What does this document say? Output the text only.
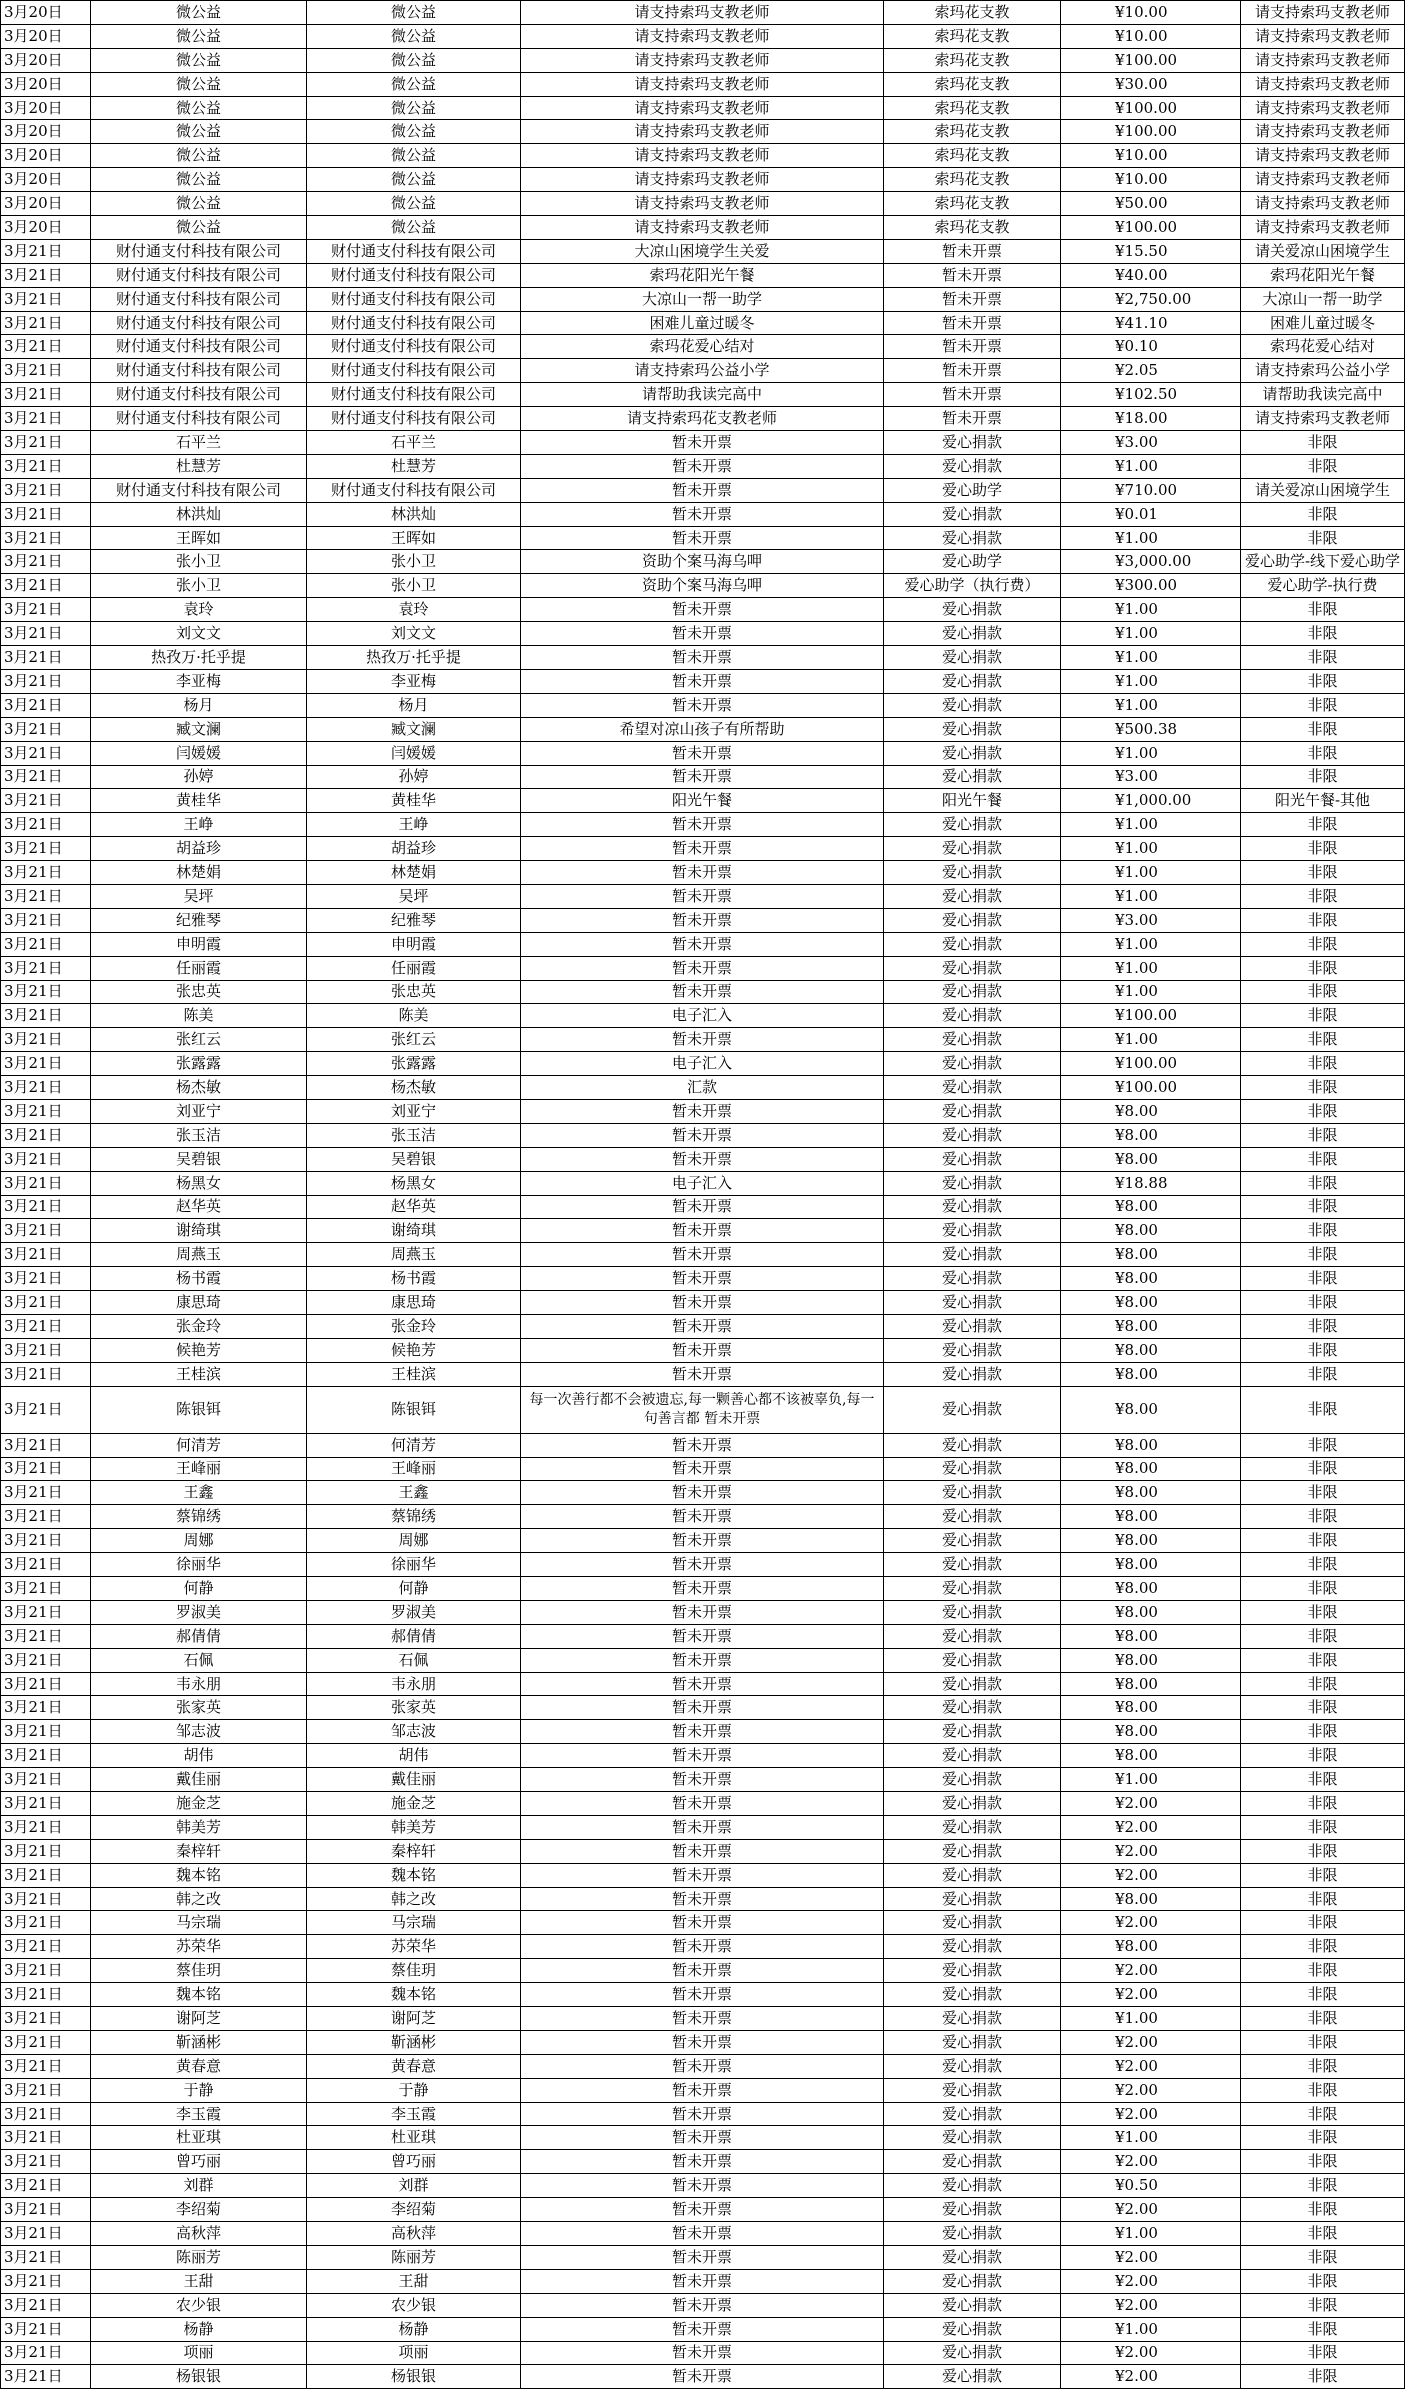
3月20日	微公益	微公益	请支持索玛支教老师	索玛花支教	¥10.00	请支持索玛支教老师
3月20日	微公益	微公益	请支持索玛支教老师	索玛花支教	¥10.00	请支持索玛支教老师
3月20日	微公益	微公益	请支持索玛支教老师	索玛花支教	¥100.00	请支持索玛支教老师
3月20日	微公益	微公益	请支持索玛支教老师	索玛花支教	¥30.00	请支持索玛支教老师
3月20日	微公益	微公益	请支持索玛支教老师	索玛花支教	¥100.00	请支持索玛支教老师
3月20日	微公益	微公益	请支持索玛支教老师	索玛花支教	¥100.00	请支持索玛支教老师
3月20日	微公益	微公益	请支持索玛支教老师	索玛花支教	¥10.00	请支持索玛支教老师
3月20日	微公益	微公益	请支持索玛支教老师	索玛花支教	¥10.00	请支持索玛支教老师
3月20日	微公益	微公益	请支持索玛支教老师	索玛花支教	¥50.00	请支持索玛支教老师
3月20日	微公益	微公益	请支持索玛支教老师	索玛花支教	¥100.00	请支持索玛支教老师
3月21日	财付通支付科技有限公司	财付通支付科技有限公司	大凉山困境学生关爱	暂未开票	¥15.50	请关爱凉山困境学生
3月21日	财付通支付科技有限公司	财付通支付科技有限公司	索玛花阳光午餐	暂未开票	¥40.00	索玛花阳光午餐
3月21日	财付通支付科技有限公司	财付通支付科技有限公司	大凉山一帮一助学	暂未开票	¥2,750.00	大凉山一帮一助学
3月21日	财付通支付科技有限公司	财付通支付科技有限公司	困难儿童过暖冬	暂未开票	¥41.10	困难儿童过暖冬
3月21日	财付通支付科技有限公司	财付通支付科技有限公司	索玛花爱心结对	暂未开票	¥0.10	索玛花爱心结对
3月21日	财付通支付科技有限公司	财付通支付科技有限公司	请支持索玛公益小学	暂未开票	¥2.05	请支持索玛公益小学
3月21日	财付通支付科技有限公司	财付通支付科技有限公司	请帮助我读完高中	暂未开票	¥102.50	请帮助我读完高中
3月21日	财付通支付科技有限公司	财付通支付科技有限公司	请支持索玛花支教老师	暂未开票	¥18.00	请支持索玛支教老师
3月21日	石平兰	石平兰	暂未开票	爱心捐款	¥3.00	非限
3月21日	杜慧芳	杜慧芳	暂未开票	爱心捐款	¥1.00	非限
3月21日	财付通支付科技有限公司	财付通支付科技有限公司	暂未开票	爱心助学	¥710.00	请关爱凉山困境学生
3月21日	林洪灿	林洪灿	暂未开票	爱心捐款	¥0.01	非限
3月21日	王晖如	王晖如	暂未开票	爱心捐款	¥1.00	非限
3月21日	张小卫	张小卫	资助个案马海乌呷	爱心助学	¥3,000.00	爱心助学-线下爱心助学
3月21日	张小卫	张小卫	资助个案马海乌呷	爱心助学（执行费）	¥300.00	爱心助学-执行费
3月21日	袁玲	袁玲	暂未开票	爱心捐款	¥1.00	非限
3月21日	刘文文	刘文文	暂未开票	爱心捐款	¥1.00	非限
3月21日	热孜万·托乎提	热孜万·托乎提	暂未开票	爱心捐款	¥1.00	非限
3月21日	李亚梅	李亚梅	暂未开票	爱心捐款	¥1.00	非限
3月21日	杨月	杨月	暂未开票	爱心捐款	¥1.00	非限
3月21日	臧文澜	臧文澜	希望对凉山孩子有所帮助	爱心捐款	¥500.38	非限
3月21日	闫媛媛	闫媛媛	暂未开票	爱心捐款	¥1.00	非限
3月21日	孙婷	孙婷	暂未开票	爱心捐款	¥3.00	非限
3月21日	黄桂华	黄桂华	阳光午餐	阳光午餐	¥1,000.00	阳光午餐-其他
3月21日	王峥	王峥	暂未开票	爱心捐款	¥1.00	非限
3月21日	胡益珍	胡益珍	暂未开票	爱心捐款	¥1.00	非限
3月21日	林楚娟	林楚娟	暂未开票	爱心捐款	¥1.00	非限
3月21日	吴坪	吴坪	暂未开票	爱心捐款	¥1.00	非限
3月21日	纪雅琴	纪雅琴	暂未开票	爱心捐款	¥3.00	非限
3月21日	申明霞	申明霞	暂未开票	爱心捐款	¥1.00	非限
3月21日	任丽霞	任丽霞	暂未开票	爱心捐款	¥1.00	非限
3月21日	张忠英	张忠英	暂未开票	爱心捐款	¥1.00	非限
3月21日	陈美	陈美	电子汇入	爱心捐款	¥100.00	非限
3月21日	张红云	张红云	暂未开票	爱心捐款	¥1.00	非限
3月21日	张露露	张露露	电子汇入	爱心捐款	¥100.00	非限
3月21日	杨杰敏	杨杰敏	汇款	爱心捐款	¥100.00	非限
3月21日	刘亚宁	刘亚宁	暂未开票	爱心捐款	¥8.00	非限
3月21日	张玉洁	张玉洁	暂未开票	爱心捐款	¥8.00	非限
3月21日	吴碧银	吴碧银	暂未开票	爱心捐款	¥8.00	非限
3月21日	杨黑女	杨黑女	电子汇入	爱心捐款	¥18.88	非限
3月21日	赵华英	赵华英	暂未开票	爱心捐款	¥8.00	非限
3月21日	谢绮琪	谢绮琪	暂未开票	爱心捐款	¥8.00	非限
3月21日	周燕玉	周燕玉	暂未开票	爱心捐款	¥8.00	非限
3月21日	杨书霞	杨书霞	暂未开票	爱心捐款	¥8.00	非限
3月21日	康思琦	康思琦	暂未开票	爱心捐款	¥8.00	非限
3月21日	张金玲	张金玲	暂未开票	爱心捐款	¥8.00	非限
3月21日	候艳芳	候艳芳	暂未开票	爱心捐款	¥8.00	非限
3月21日	王桂滨	王桂滨	暂未开票	爱心捐款	¥8.00	非限
3月21日	陈银铒	陈银铒	每一次善行都不会被遗忘,每一颗善心都不该被辜负,每一句善言都 暂未开票	爱心捐款	¥8.00	非限
3月21日	何清芳	何清芳	暂未开票	爱心捐款	¥8.00	非限
3月21日	王峰丽	王峰丽	暂未开票	爱心捐款	¥8.00	非限
3月21日	王鑫	王鑫	暂未开票	爱心捐款	¥8.00	非限
3月21日	蔡锦绣	蔡锦绣	暂未开票	爱心捐款	¥8.00	非限
3月21日	周娜	周娜	暂未开票	爱心捐款	¥8.00	非限
3月21日	徐丽华	徐丽华	暂未开票	爱心捐款	¥8.00	非限
3月21日	何静	何静	暂未开票	爱心捐款	¥8.00	非限
3月21日	罗淑美	罗淑美	暂未开票	爱心捐款	¥8.00	非限
3月21日	郝倩倩	郝倩倩	暂未开票	爱心捐款	¥8.00	非限
3月21日	石佩	石佩	暂未开票	爱心捐款	¥8.00	非限
3月21日	韦永朋	韦永朋	暂未开票	爱心捐款	¥8.00	非限
3月21日	张家英	张家英	暂未开票	爱心捐款	¥8.00	非限
3月21日	邹志波	邹志波	暂未开票	爱心捐款	¥8.00	非限
3月21日	胡伟	胡伟	暂未开票	爱心捐款	¥8.00	非限
3月21日	戴佳丽	戴佳丽	暂未开票	爱心捐款	¥1.00	非限
3月21日	施金芝	施金芝	暂未开票	爱心捐款	¥2.00	非限
3月21日	韩美芳	韩美芳	暂未开票	爱心捐款	¥2.00	非限
3月21日	秦梓轩	秦梓轩	暂未开票	爱心捐款	¥2.00	非限
3月21日	魏本铭	魏本铭	暂未开票	爱心捐款	¥2.00	非限
3月21日	韩之改	韩之改	暂未开票	爱心捐款	¥8.00	非限
3月21日	马宗瑞	马宗瑞	暂未开票	爱心捐款	¥2.00	非限
3月21日	苏荣华	苏荣华	暂未开票	爱心捐款	¥8.00	非限
3月21日	蔡佳玥	蔡佳玥	暂未开票	爱心捐款	¥2.00	非限
3月21日	魏本铭	魏本铭	暂未开票	爱心捐款	¥2.00	非限
3月21日	谢阿芝	谢阿芝	暂未开票	爱心捐款	¥1.00	非限
3月21日	靳涵彬	靳涵彬	暂未开票	爱心捐款	¥2.00	非限
3月21日	黄春意	黄春意	暂未开票	爱心捐款	¥2.00	非限
3月21日	于静	于静	暂未开票	爱心捐款	¥2.00	非限
3月21日	李玉霞	李玉霞	暂未开票	爱心捐款	¥2.00	非限
3月21日	杜亚琪	杜亚琪	暂未开票	爱心捐款	¥1.00	非限
3月21日	曾巧丽	曾巧丽	暂未开票	爱心捐款	¥2.00	非限
3月21日	刘群	刘群	暂未开票	爱心捐款	¥0.50	非限
3月21日	李绍菊	李绍菊	暂未开票	爱心捐款	¥2.00	非限
3月21日	高秋萍	高秋萍	暂未开票	爱心捐款	¥1.00	非限
3月21日	陈丽芳	陈丽芳	暂未开票	爱心捐款	¥2.00	非限
3月21日	王甜	王甜	暂未开票	爱心捐款	¥2.00	非限
3月21日	农少银	农少银	暂未开票	爱心捐款	¥2.00	非限
3月21日	杨静	杨静	暂未开票	爱心捐款	¥1.00	非限
3月21日	项丽	项丽	暂未开票	爱心捐款	¥2.00	非限
3月21日	杨银银	杨银银	暂未开票	爱心捐款	¥2.00	非限
